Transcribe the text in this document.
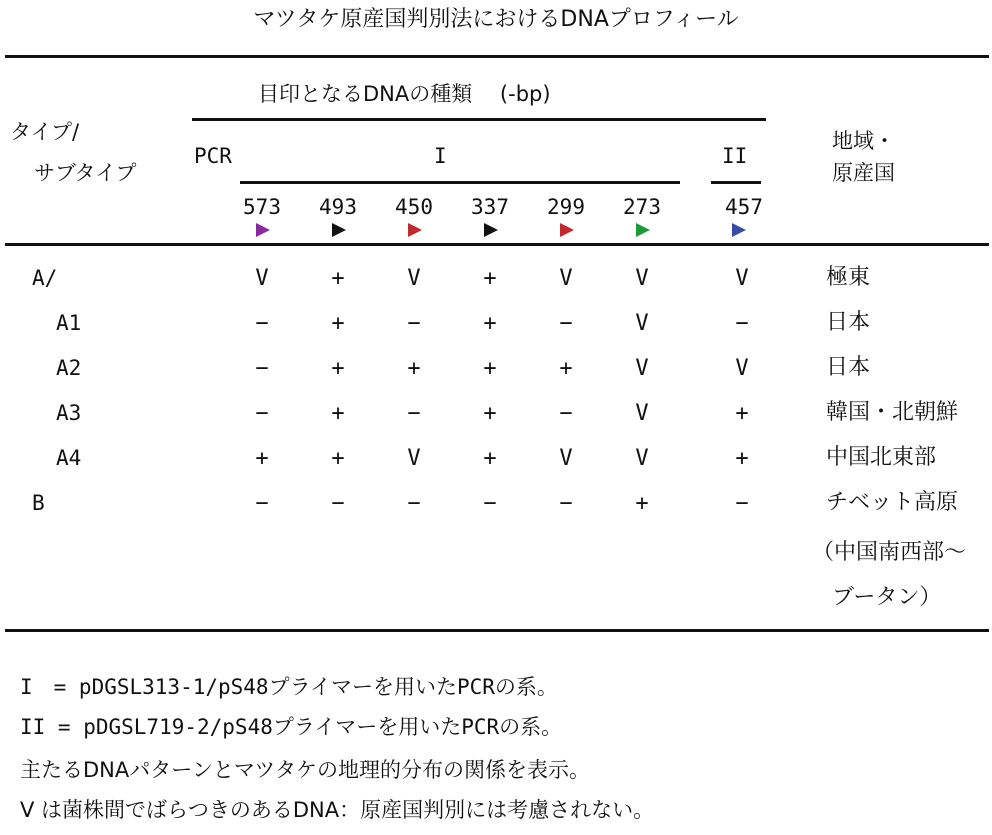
マツタケ原産国判別法におけるDNAプロフィール
タイプ/
サブタイプ
目印となるDNAの種類　 (-bp)
PCR	I	II
地域・
原産国
573	493	450	337	299	273	457
A/	V	+	V	+	V	V	V	極東
A1	−	+	−	+	−	V	−	日本
A2	−	+	+	+	+	V	V	日本
A3	−	+	−	+	−	V	+	韓国・北朝鮮
A4	+	+	V	+	V	V	+	中国北東部
B	−	−	−	−	−	+	−	チベット高原
（中国南西部〜
ブータン）
I　= pDGSL313-1/pS48プライマーを用いたPCRの系。
II = pDGSL719-2/pS48プライマーを用いたPCRの系。
主たるDNAパターンとマツタケの地理的分布の関係を表示。
V は菌株間でばらつきのあるDNA：原産国判別には考慮されない。
